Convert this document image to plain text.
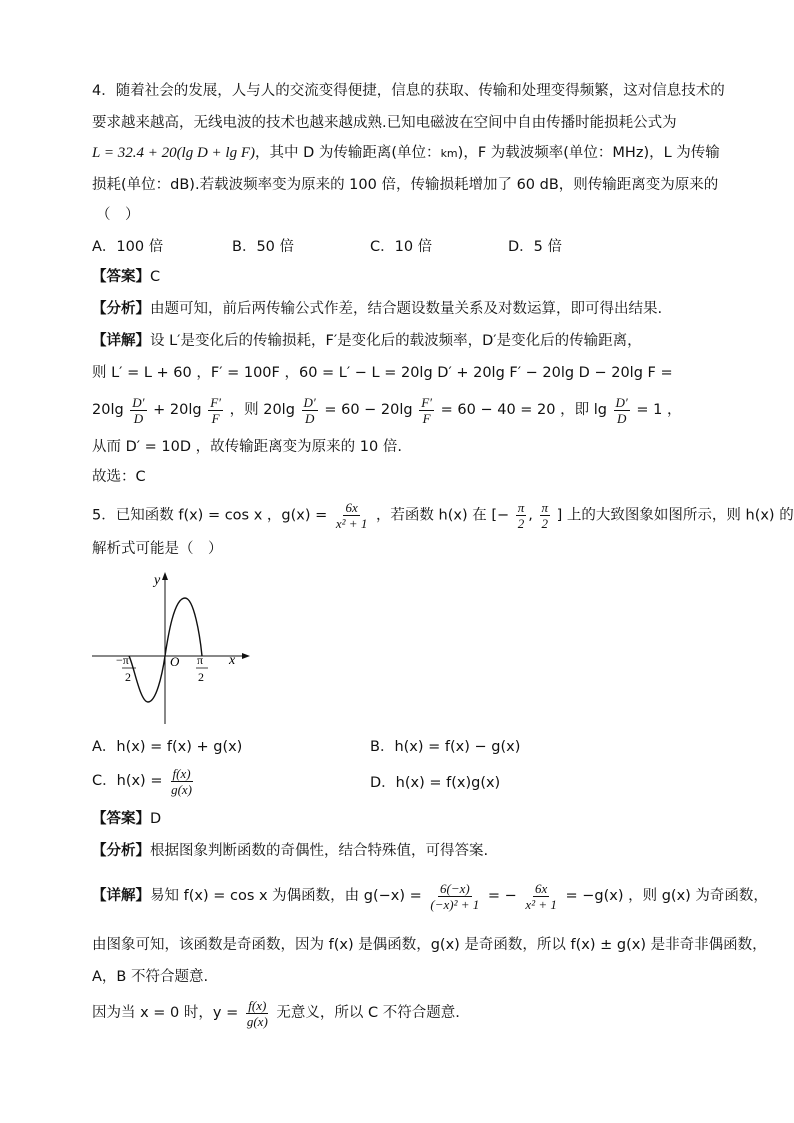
4．随着社会的发展，人与人的交流变得便捷，信息的获取、传输和处理变得频繁，这对信息技术的
要求越来越高，无线电波的技术也越来越成熟.已知电磁波在空间中自由传播时能损耗公式为
L = 32.4 + 20(lg D + lg F)，其中 D 为传输距离(单位：km)，F 为载波频率(单位：MHz)，L 为传输
损耗(单位：dB).若载波频率变为原来的 100 倍，传输损耗增加了 60 dB，则传输距离变为原来的
（　）
A．100 倍	B．50 倍	C．10 倍	D．5 倍
【答案】C
【分析】由题可知，前后两传输公式作差，结合题设数量关系及对数运算，即可得出结果.
【详解】设 L′是变化后的传输损耗，F′是变化后的载波频率，D′是变化后的传输距离，
则 L′ = L + 60 ，F′ = 100F ，60 = L′ − L = 20lg D′ + 20lg F′ − 20lg D − 20lg F =
$20\lg \frac{D'}{D} + 20\lg \frac{F'}{F}$ ，则 $20\lg \frac{D'}{D} = 60 - 20\lg \frac{F'}{F} = 60 - 40 = 20$ ，即 $\lg \frac{D'}{D} = 1$ ，
从而 D′ = 10D ，故传输距离变为原来的 10 倍.
故选：C
5．已知函数 f(x) = cos x ，$g(x) = \frac{6x}{\text{x² + 1}}$ ，若函数 h(x) 在 [− $\frac{\pi}{2}$ , $\frac{\pi}{2}$ ] 上的大致图象如图所示，则 h(x) 的
解析式可能是（　）
y
x
O
−π
2
π
2
A．h(x) = f(x) + g(x)	B．h(x) = f(x) − g(x)
C．$h(x) = \frac{f(x)}{g(x)}$	D．h(x) = f(x)g(x)
【答案】D
【分析】根据图象判断函数的奇偶性，结合特殊值，可得答案.
【详解】易知 f(x) = cos x 为偶函数，由 $g(-x) = \frac{6(-x)}{\text{(−x)² + 1}}$ = − $\frac{6x}{\text{x² + 1}} = -g(x)$ ，则 g(x) 为奇函数，
由图象可知，该函数是奇函数，因为 f(x) 是偶函数，g(x) 是奇函数，所以 f(x) ± g(x) 是非奇非偶函数，
A，B 不符合题意.
因为当 x = 0 时，$y = \frac{f(x)}{g(x)}$ 无意义，所以 C 不符合题意.
